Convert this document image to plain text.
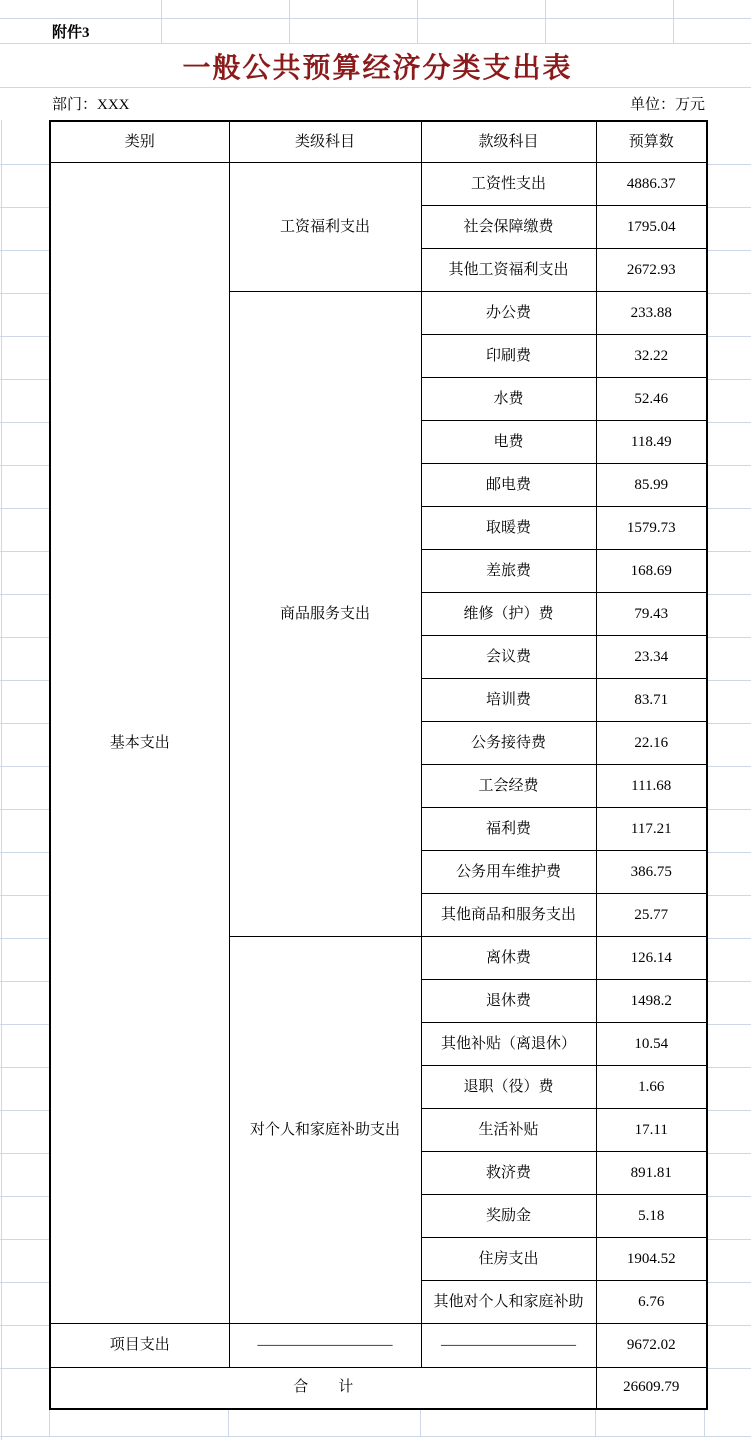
附件3
一般公共预算经济分类支出表
部门：XXX	单位：万元
类别	类级科目	款级科目	预算数
基本支出	工资福利支出	工资性支出	4886.37
		社会保障缴费	1795.04
		其他工资福利支出	2672.93
	商品服务支出	办公费	233.88
		印刷费	32.22
		水费	52.46
		电费	118.49
		邮电费	85.99
		取暖费	1579.73
		差旅费	168.69
		维修（护）费	79.43
		会议费	23.34
		培训费	83.71
		公务接待费	22.16
		工会经费	111.68
		福利费	117.21
		公务用车维护费	386.75
		其他商品和服务支出	25.77
	对个人和家庭补助支出	离休费	126.14
		退休费	1498.2
		其他补贴（离退休）	10.54
		退职（役）费	1.66
		生活补贴	17.11
		救济费	891.81
		奖励金	5.18
		住房支出	1904.52
		其他对个人和家庭补助	6.76
项目支出	—————————	—————————	9672.02
合　　计			26609.79
